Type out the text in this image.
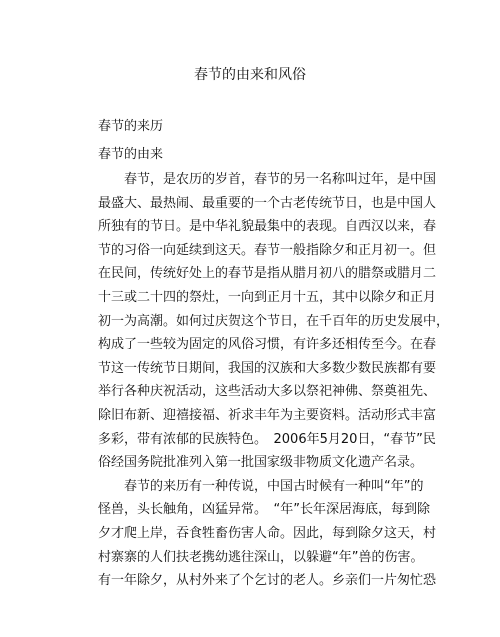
春节的由来和风俗
春节的来历
春节的由来
春节，是农历的岁首，春节的另一名称叫过年，是中国
最盛大、最热闹、最重要的一个古老传统节日，也是中国人
所独有的节日。是中华礼貌最集中的表现。自西汉以来，春
节的习俗一向延续到这天。春节一般指除夕和正月初一。但
在民间，传统好处上的春节是指从腊月初八的腊祭或腊月二
十三或二十四的祭灶，一向到正月十五，其中以除夕和正月
初一为高潮。如何过庆贺这个节日，在千百年的历史发展中，
构成了一些较为固定的风俗习惯，有许多还相传至今。在春
节这一传统节日期间，我国的汉族和大多数少数民族都有要
举行各种庆祝活动，这些活动大多以祭祀神佛、祭奠祖先、
除旧布新、迎禧接福、祈求丰年为主要资料。活动形式丰富
多彩，带有浓郁的民族特色。　2006年5月20日，“春节”民
俗经国务院批准列入第一批国家级非物质文化遗产名录。
春节的来历有一种传说，中国古时候有一种叫“年”的
怪兽，头长触角，凶猛异常。　“年”长年深居海底，每到除
夕才爬上岸，吞食牲畜伤害人命。因此，每到除夕这天，村
村寨寨的人们扶老携幼逃往深山，以躲避“年”兽的伤害。
有一年除夕，从村外来了个乞讨的老人。乡亲们一片匆忙恐
